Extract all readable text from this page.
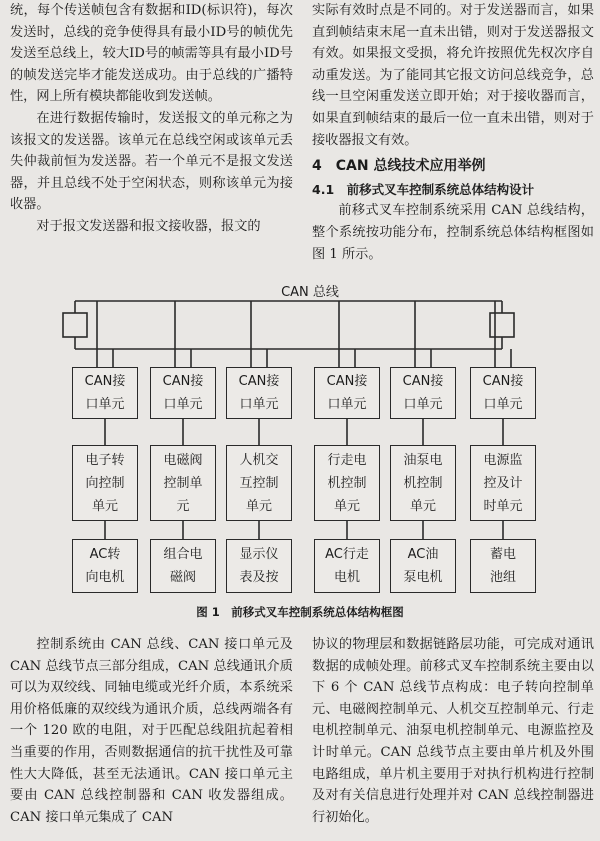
统，每个传送帧包含有数据和ID(标识符)，每次发送时，总线的竞争使得具有最小ID号的帧优先发送至总线上，较大ID号的帧需等具有最小ID号的帧发送完毕才能发送成功。由于总线的广播特性，网上所有模块都能收到发送帧。

在进行数据传输时，发送报文的单元称之为该报文的发送器。该单元在总线空闲或该单元丢失仲裁前恒为发送器。若一个单元不是报文发送器，并且总线不处于空闲状态，则称该单元为接收器。

对于报文发送器和报文接收器，报文的

实际有效时点是不同的。对于发送器而言，如果直到帧结束末尾一直未出错，则对于发送器报文有效。如果报文受损，将允许按照优先权次序自动重发送。为了能同其它报文访问总线竞争，总线一旦空闲重发送立即开始；对于接收器而言，如果直到帧结束的最后一位一直未出错，则对于接收器报文有效。

4　CAN 总线技术应用举例

4.1　前移式叉车控制系统总体结构设计

前移式叉车控制系统采用 CAN 总线结构，整个系统按功能分布，控制系统总体结构框图如图 1 所示。

CAN 总线
CAN接
口单元
电子转
向控制
单元
AC转
向电机
CAN接
口单元
电磁阀
控制单
元
组合电
磁阀
CAN接
口单元
人机交
互控制
单元
显示仪
表及按
CAN接
口单元
行走电
机控制
单元
AC行走
电机
CAN接
口单元
油泵电
机控制
单元
AC油
泵电机
CAN接
口单元
电源监
控及计
时单元
蓄电
池组
图 1　前移式叉车控制系统总体结构框图

控制系统由 CAN 总线、CAN 接口单元及 CAN 总线节点三部分组成，CAN 总线通讯介质可以为双绞线、同轴电缆或光纤介质，本系统采用价格低廉的双绞线为通讯介质，总线两端各有一个 120 欧的电阻，对于匹配总线阻抗起着相当重要的作用，否则数据通信的抗干扰性及可靠性大大降低，甚至无法通讯。CAN 接口单元主要由 CAN 总线控制器和 CAN 收发器组成。CAN 接口单元集成了 CAN

协议的物理层和数据链路层功能，可完成对通讯数据的成帧处理。前移式叉车控制系统主要由以下 6 个 CAN 总线节点构成：电子转向控制单元、电磁阀控制单元、人机交互控制单元、行走电机控制单元、油泵电机控制单元、电源监控及计时单元。CAN 总线节点主要由单片机及外围电路组成，单片机主要用于对执行机构进行控制及对有关信息进行处理并对 CAN 总线控制器进行初始化。
